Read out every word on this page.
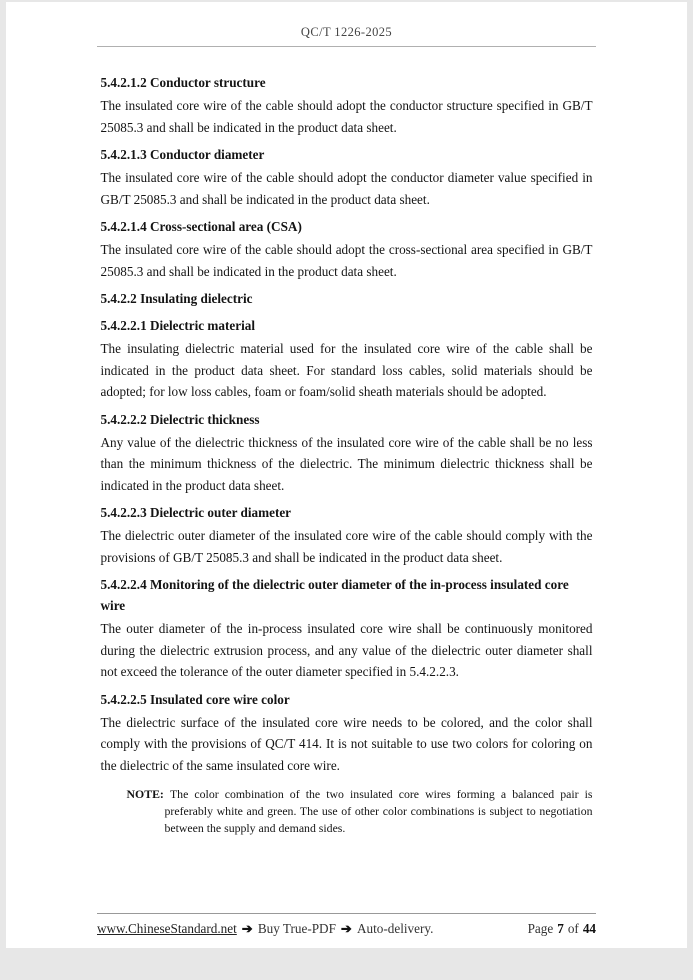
QC/T 1226-2025
5.4.2.1.2 Conductor structure
The insulated core wire of the cable should adopt the conductor structure specified in GB/T 25085.3 and shall be indicated in the product data sheet.
5.4.2.1.3 Conductor diameter
The insulated core wire of the cable should adopt the conductor diameter value specified in GB/T 25085.3 and shall be indicated in the product data sheet.
5.4.2.1.4 Cross-sectional area (CSA)
The insulated core wire of the cable should adopt the cross-sectional area specified in GB/T 25085.3 and shall be indicated in the product data sheet.
5.4.2.2 Insulating dielectric
5.4.2.2.1 Dielectric material
The insulating dielectric material used for the insulated core wire of the cable shall be indicated in the product data sheet. For standard loss cables, solid materials should be adopted; for low loss cables, foam or foam/solid sheath materials should be adopted.
5.4.2.2.2 Dielectric thickness
Any value of the dielectric thickness of the insulated core wire of the cable shall be no less than the minimum thickness of the dielectric. The minimum dielectric thickness shall be indicated in the product data sheet.
5.4.2.2.3 Dielectric outer diameter
The dielectric outer diameter of the insulated core wire of the cable should comply with the provisions of GB/T 25085.3 and shall be indicated in the product data sheet.
5.4.2.2.4 Monitoring of the dielectric outer diameter of the in-process insulated core wire
The outer diameter of the in-process insulated core wire shall be continuously monitored during the dielectric extrusion process, and any value of the dielectric outer diameter shall not exceed the tolerance of the outer diameter specified in 5.4.2.2.3.
5.4.2.2.5 Insulated core wire color
The dielectric surface of the insulated core wire needs to be colored, and the color shall comply with the provisions of QC/T 414. It is not suitable to use two colors for coloring on the dielectric of the same insulated core wire.
NOTE: The color combination of the two insulated core wires forming a balanced pair is preferably white and green. The use of other color combinations is subject to negotiation between the supply and demand sides.
www.ChineseStandard.net ➔ Buy True-PDF ➔ Auto-delivery.	Page 7 of 44
